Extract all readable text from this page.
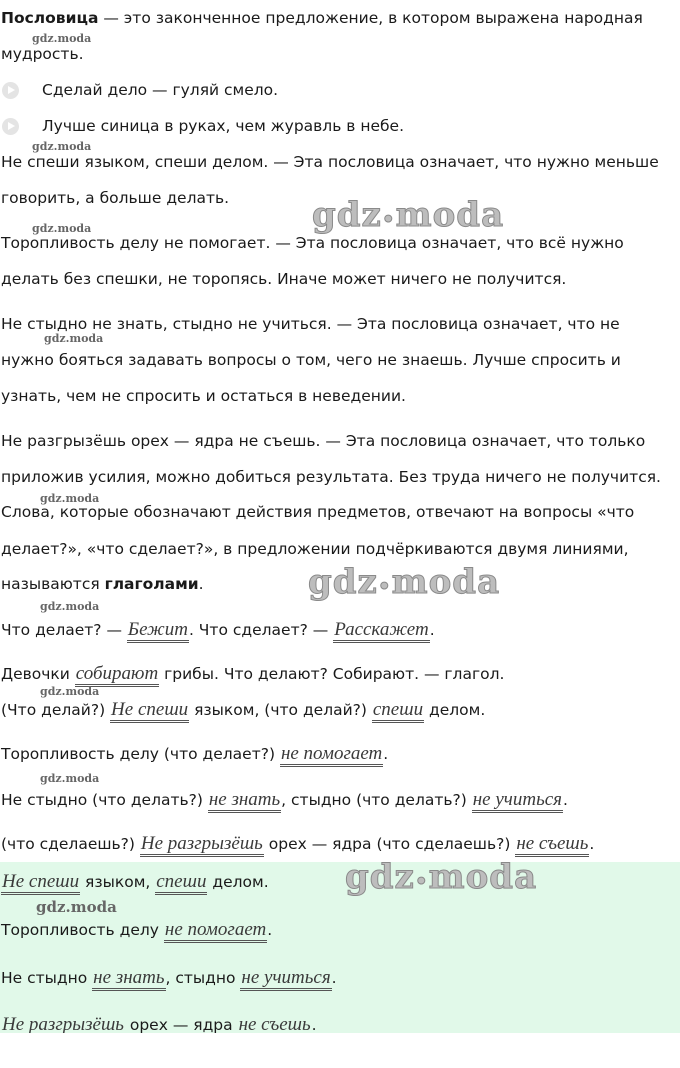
Пословица — это законченное предложение, в котором выражена народная
мудрость.
Сделай дело — гуляй смело.
Лучше синица в руках, чем журавль в небе.
Не спеши языком, спеши делом. — Эта пословица означает, что нужно меньше
говорить, а больше делать.
Торопливость делу не помогает. — Эта пословица означает, что всё нужно
делать без спешки, не торопясь. Иначе может ничего не получится.
Не стыдно не знать, стыдно не учиться. — Эта пословица означает, что не
нужно бояться задавать вопросы о том, чего не знаешь. Лучше спросить и
узнать, чем не спросить и остаться в неведении.
Не разгрызёшь орех — ядра не съешь. — Эта пословица означает, что только
приложив усилия, можно добиться результата. Без труда ничего не получится.
Слова, которые обозначают действия предметов, отвечают на вопросы «что
делает?», «что сделает?», в предложении подчёркиваются двумя линиями,
называются глаголами.
Что делает? — Бежит. Что сделает? — Расскажет.
Девочки собирают грибы. Что делают? Собирают. — глагол.
(Что делай?) Не спеши языком, (что делай?) спеши делом.
Торопливость делу (что делает?) не помогает.
Не стыдно (что делать?) не знать, стыдно (что делать?) не учиться.
(что сделаешь?) Не разгрызёшь орех — ядра (что сделаешь?) не съешь.
Не спеши языком, спеши делом.
Торопливость делу не помогает.
Не стыдно не знать, стыдно не учиться.
Не разгрызёшь орех — ядра не съешь.
gdz.moda
gdz.moda
gdz.moda
gdz.moda
gdz.moda
gdz.moda
gdz.moda
gdz.moda
gdz.moda
gdz•moda
gdz•moda
gdz•moda
